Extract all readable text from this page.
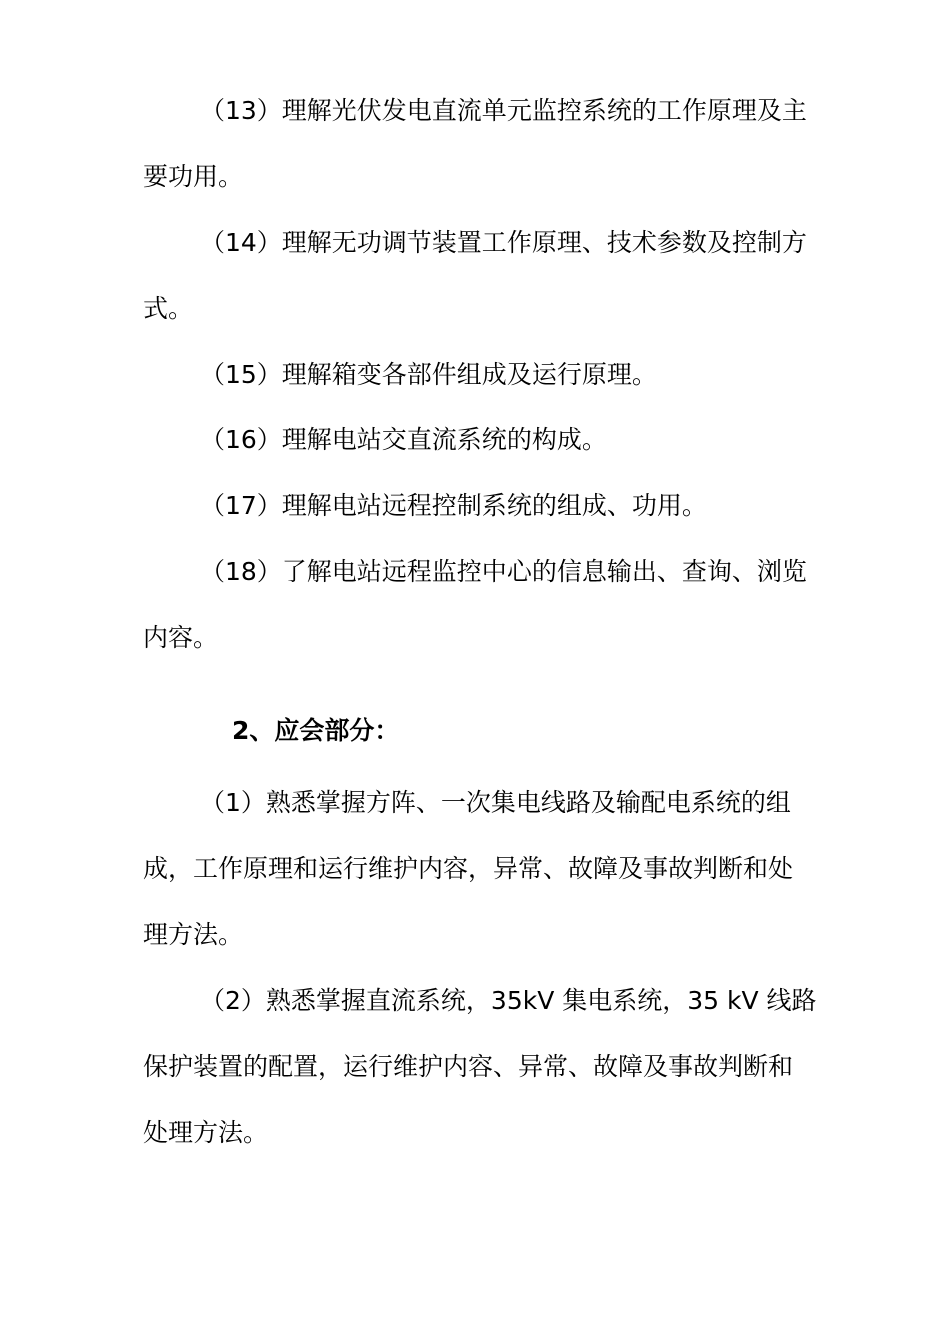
（13）理解光伏发电直流单元监控系统的工作原理及主
要功用。
（14）理解无功调节装置工作原理、技术参数及控制方
式。
（15）理解箱变各部件组成及运行原理。
（16）理解电站交直流系统的构成。
（17）理解电站远程控制系统的组成、功用。
（18）了解电站远程监控中心的信息输出、查询、浏览
内容。
2、应会部分：
（1）熟悉掌握方阵、一次集电线路及输配电系统的组
成，工作原理和运行维护内容，异常、故障及事故判断和处
理方法。
（2）熟悉掌握直流系统，35kV 集电系统，35 kV 线路
保护装置的配置，运行维护内容、异常、故障及事故判断和
处理方法。
